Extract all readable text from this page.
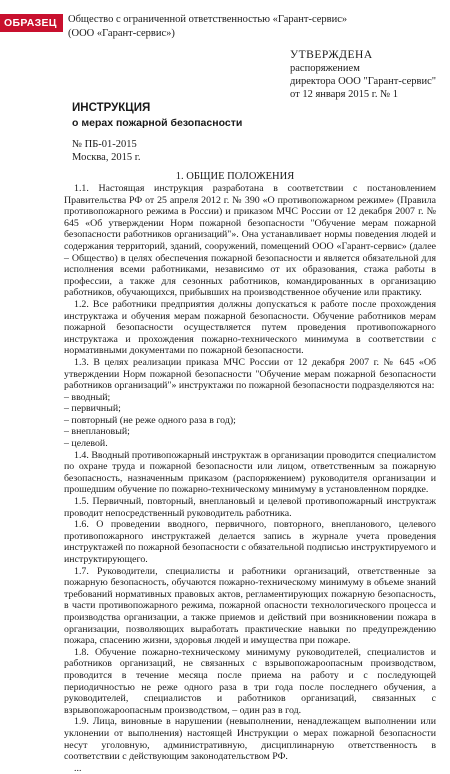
ОБРАЗЕЦ	Общество с ограниченной ответственностью «Гарант-сервис»
(ООО «Гарант-сервис»)
УТВЕРЖДЕНА
распоряжением
директора ООО "Гарант-сервис"
от 12 января 2015 г. № 1
ИНСТРУКЦИЯ
о мерах пожарной безопасности
№ ПБ-01-2015
Москва, 2015 г.
1. ОБЩИЕ ПОЛОЖЕНИЯ

1.1. Настоящая инструкция разработана в соответствии с постановлением Правительства РФ от 25 апреля 2012 г. № 390 «О противопожарном режиме» (Правила противопожарного режима в России) и приказом МЧС России от 12 декабря 2007 г. № 645 «Об утверждении Норм пожарной безопасности "Обучение мерам пожарной безопасности работников организаций"». Она устанавливает нормы поведения людей и содержания территорий, зданий, сооружений, помещений ООО «Гарант-сервис» (далее – Общество) в целях обеспечения пожарной безопасности и является обязательной для исполнения всеми работниками, независимо от их образования, стажа работы в профессии, а также для сезонных работников, командированных в организацию работников, обучающихся, прибывших на производственное обучение или практику.

1.2. Все работники предприятия должны допускаться к работе после прохождения инструктажа и обучения мерам пожарной безопасности. Обучение работников мерам пожарной безопасности осуществляется путем проведения противопожарного инструктажа и прохождения пожарно-технического минимума в соответствии с нормативными документами по пожарной безопасности.

1.3. В целях реализации приказа МЧС России от 12 декабря 2007 г. № 645 «Об утверждении Норм пожарной безопасности "Обучение мерам пожарной безопасности работников организаций"» инструктажи по пожарной безопасности подразделяются на:

– вводный;

– первичный;

– повторный (не реже одного раза в год);

– внеплановый;

– целевой.

1.4. Вводный противопожарный инструктаж в организации проводится специалистом по охране труда и пожарной безопасности или лицом, ответственным за пожарную безопасность, назначенным приказом (распоряжением) руководителя организации и прошедшим обучение по пожарно-техническому минимуму в установленном порядке.

1.5. Первичный, повторный, внеплановый и целевой противопожарный инструктаж проводит непосредственный руководитель работника.

1.6. О проведении вводного, первичного, повторного, внепланового, целевого противопожарного инструктажей делается запись в журнале учета проведения инструктажей по пожарной безопасности с обязательной подписью инструктируемого и инструктирующего.

1.7. Руководители, специалисты и работники организаций, ответственные за пожарную безопасность, обучаются пожарно-техническому минимуму в объеме знаний требований нормативных правовых актов, регламентирующих пожарную безопасность, в части противопожарного режима, пожарной опасности технологического процесса и производства организации, а также приемов и действий при возникновении пожара в организации, позволяющих выработать практические навыки по предупреждению пожара, спасению жизни, здоровья людей и имущества при пожаре.

1.8. Обучение пожарно-техническому минимуму руководителей, специалистов и работников организаций, не связанных с взрывопожароопасным производством, проводится в течение месяца после приема на работу и с последующей периодичностью не реже одного раза в три года после последнего обучения, а руководителей, специалистов и работников организаций, связанных с взрывопожароопасным производством, – один раз в год.

1.9. Лица, виновные в нарушении (невыполнении, ненадлежащем выполнении или уклонении от выполнения) настоящей Инструкции о мерах пожарной безопасности несут уголовную, административную, дисциплинарную ответственность в соответствии с действующим законодательством РФ.

...
